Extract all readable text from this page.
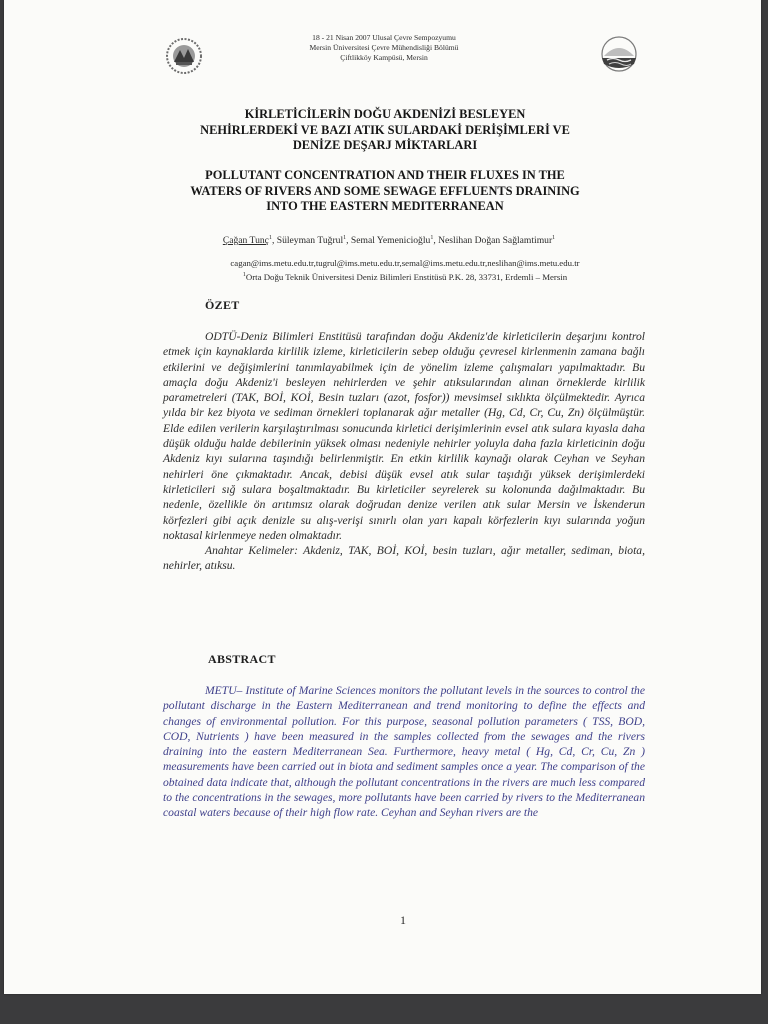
18 - 21 Nisan 2007 Ulusal Çevre Sempozyumu
Mersin Üniversitesi Çevre Mühendisliği Bölümü
Çiftlikköy Kampüsü, Mersin
KİRLETİCİLERİN DOĞU AKDENİZİ BESLEYEN
NEHİRLERDEKİ VE BAZI ATIK SULARDAKİ DERİŞİMLERİ VE
DENİZE DEŞARJ MİKTARLARI
POLLUTANT CONCENTRATION AND THEIR FLUXES IN THE
WATERS OF RIVERS AND SOME SEWAGE EFFLUENTS DRAINING
INTO THE EASTERN MEDITERRANEAN
Çağan Tunç$^1$, Süleyman Tuğrul$^1$, Semal Yemenicioğlu$^1$, Neslihan Doğan Sağlamtimur$^1$
cagan@ims.metu.edu.tr,tugrul@ims.metu.edu.tr,semal@ims.metu.edu.tr,neslihan@ims.metu.edu.tr
$^1$Orta Doğu Teknik Üniversitesi Deniz Bilimleri Enstitüsü P.K. 28, 33731, Erdemli – Mersin
ÖZET

ODTÜ-Deniz Bilimleri Enstitüsü tarafından doğu Akdeniz'de kirleticilerin deşarjını kontrol etmek için kaynaklarda kirlilik izleme, kirleticilerin sebep olduğu çevresel kirlenmenin zamana bağlı etkilerini ve değişimlerini tanımlayabilmek için de yönelim izleme çalışmaları yapılmaktadır. Bu amaçla doğu Akdeniz'i besleyen nehirlerden ve şehir atıksularından alınan örneklerde kirlilik parametreleri (TAK, BOİ, KOİ, Besin tuzları (azot, fosfor)) mevsimsel sıklıkta ölçülmektedir. Ayrıca yılda bir kez biyota ve sediman örnekleri toplanarak ağır metaller (Hg, Cd, Cr, Cu, Zn) ölçülmüştür. Elde edilen verilerin karşılaştırılması sonucunda kirletici derişimlerinin evsel atık sulara kıyasla daha düşük olduğu halde debilerinin yüksek olması nedeniyle nehirler yoluyla daha fazla kirleticinin doğu Akdeniz kıyı sularına taşındığı belirlenmiştir. En etkin kirlilik kaynağı olarak Ceyhan ve Seyhan nehirleri öne çıkmaktadır. Ancak, debisi düşük evsel atık sular taşıdığı yüksek derişimlerdeki kirleticileri sığ sulara boşaltmaktadır. Bu kirleticiler seyrelerek su kolonunda dağılmaktadır. Bu nedenle, özellikle ön arıtımsız olarak doğrudan denize verilen atık sular Mersin ve İskenderun körfezleri gibi açık denizle su alış-verişi sınırlı olan yarı kapalı körfezlerin kıyı sularında yoğun noktasal kirlenmeye neden olmaktadır.

Anahtar Kelimeler: Akdeniz, TAK, BOİ, KOİ, besin tuzları, ağır metaller, sediman, biota, nehirler, atıksu.

ABSTRACT

METU– Institute of Marine Sciences monitors the pollutant levels in the sources to control the pollutant discharge in the Eastern Mediterranean and trend monitoring to define the effects and changes of environmental pollution. For this purpose, seasonal pollution parameters ( TSS, BOD, COD, Nutrients ) have been measured in the samples collected from the sewages and the rivers draining into the eastern Mediterranean Sea. Furthermore, heavy metal ( Hg, Cd, Cr, Cu, Zn ) measurements have been carried out in biota and sediment samples once a year. The comparison of the obtained data indicate that, although the pollutant concentrations in the rivers are much less compared to the concentrations in the sewages, more pollutants have been carried by rivers to the Mediterranean coastal waters because of their high flow rate. Ceyhan and Seyhan rivers are the

1
